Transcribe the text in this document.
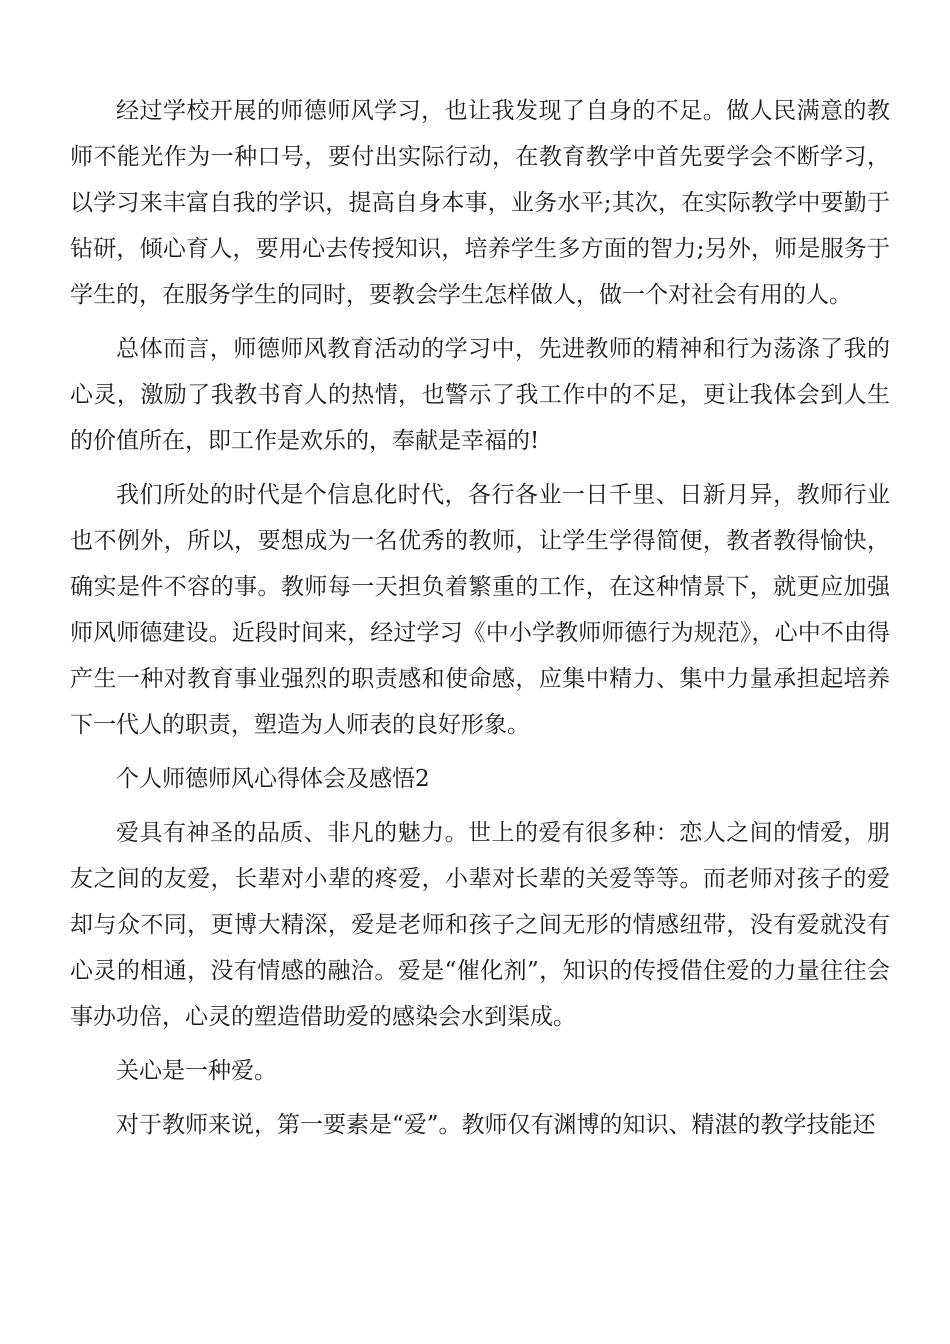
经过学校开展的师德师风学习，也让我发现了自身的不足。做人民满意的教师不能光作为一种口号，要付出实际行动，在教育教学中首先要学会不断学习，以学习来丰富自我的学识，提高自身本事，业务水平;其次，在实际教学中要勤于钻研，倾心育人，要用心去传授知识，培养学生多方面的智力;另外，师是服务于学生的，在服务学生的同时，要教会学生怎样做人，做一个对社会有用的人。

总体而言，师德师风教育活动的学习中，先进教师的精神和行为荡涤了我的心灵，激励了我教书育人的热情，也警示了我工作中的不足，更让我体会到人生的价值所在，即工作是欢乐的，奉献是幸福的!

我们所处的时代是个信息化时代，各行各业一日千里、日新月异，教师行业也不例外，所以，要想成为一名优秀的教师，让学生学得简便，教者教得愉快，确实是件不容的事。教师每一天担负着繁重的工作，在这种情景下，就更应加强师风师德建设。近段时间来，经过学习《中小学教师师德行为规范》，心中不由得产生一种对教育事业强烈的职责感和使命感，应集中精力、集中力量承担起培养下一代人的职责，塑造为人师表的良好形象。

个人师德师风心得体会及感悟2

爱具有神圣的品质、非凡的魅力。世上的爱有很多种：恋人之间的情爱，朋友之间的友爱，长辈对小辈的疼爱，小辈对长辈的关爱等等。而老师对孩子的爱却与众不同，更博大精深，爱是老师和孩子之间无形的情感纽带，没有爱就没有心灵的相通，没有情感的融洽。爱是“催化剂”，知识的传授借住爱的力量往往会事办功倍，心灵的塑造借助爱的感染会水到渠成。

关心是一种爱。

对于教师来说，第一要素是“爱”。教师仅有渊博的知识、精湛的教学技能还
